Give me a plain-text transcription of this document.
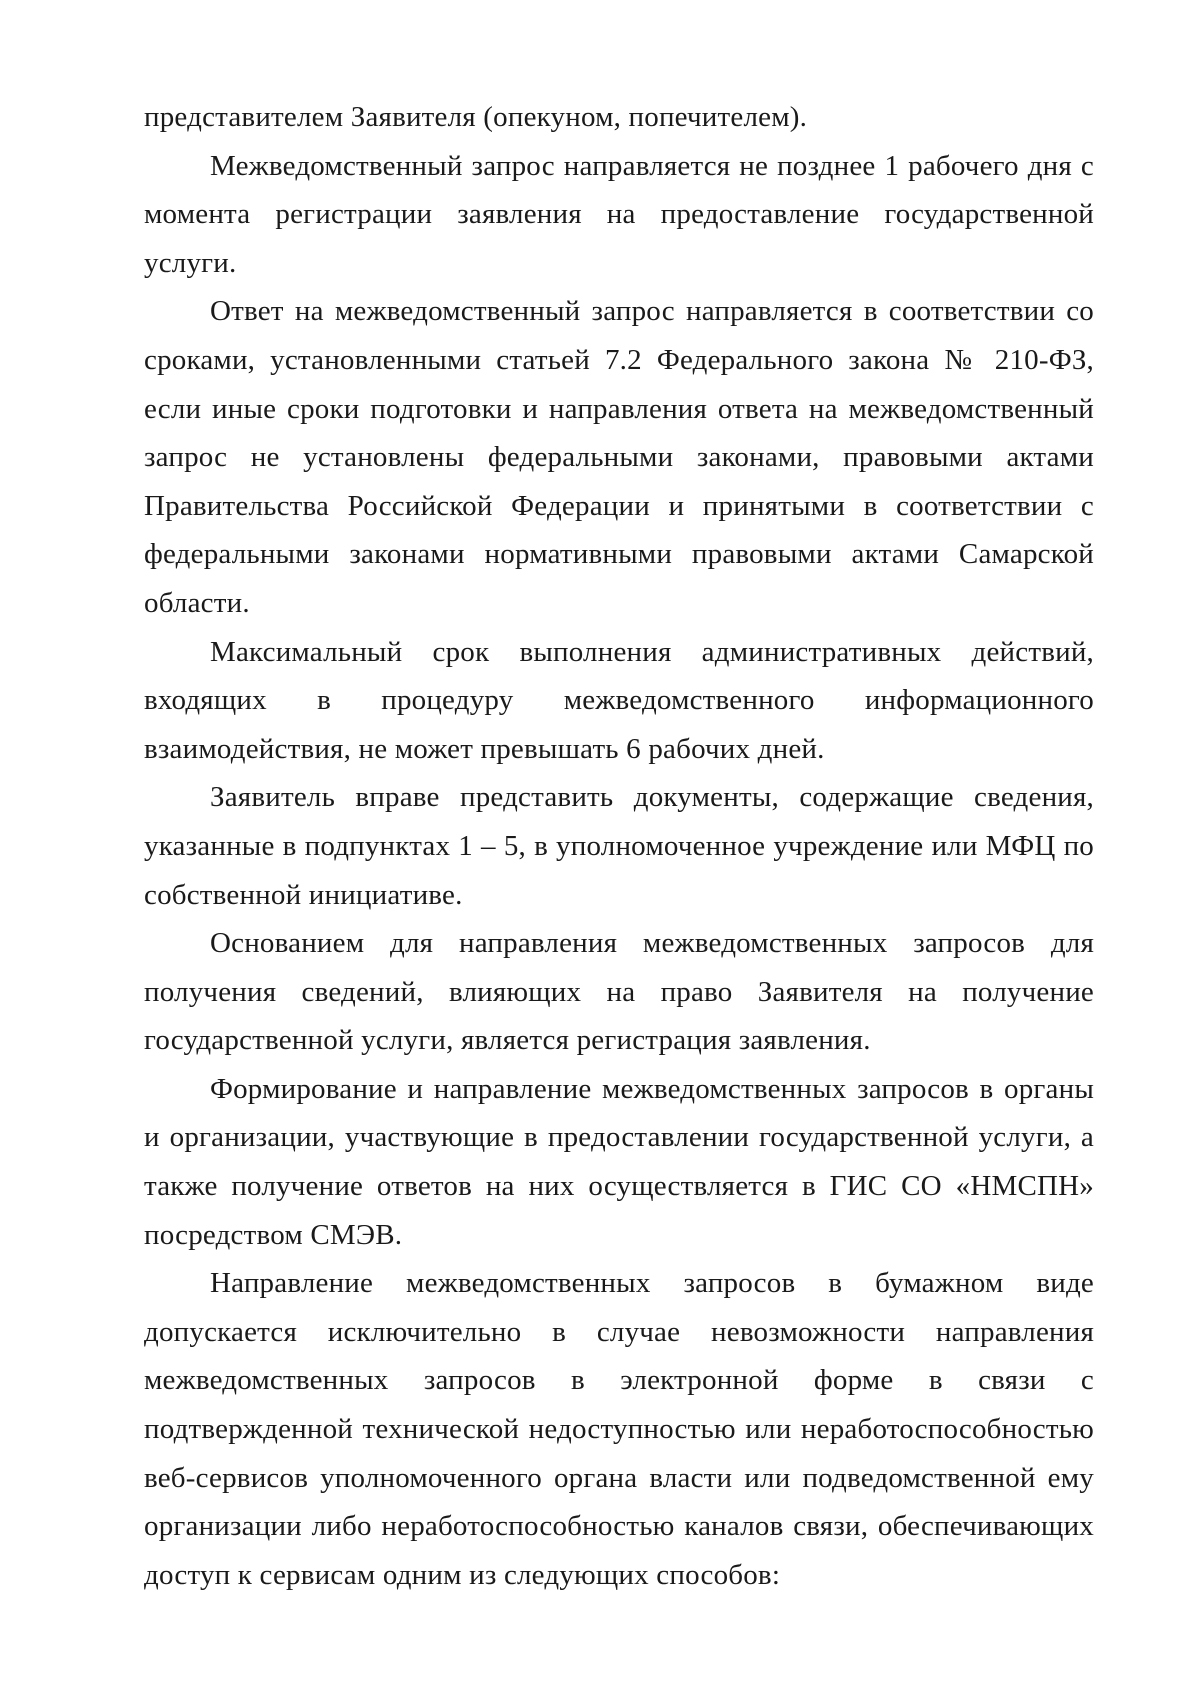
представителем Заявителя (опекуном, попечителем).

Межведомственный запрос направляется не позднее 1 рабочего дня с момента регистрации заявления на предоставление государственной услуги.

Ответ на межведомственный запрос направляется в соответствии со сроками, установленными статьей 7.2 Федерального закона № 210-ФЗ, если иные сроки подготовки и направления ответа на межведомственный запрос не установлены федеральными законами, правовыми актами Правительства Российской Федерации и принятыми в соответствии с федеральными законами нормативными правовыми актами Самарской области.

Максимальный срок выполнения административных действий, входящих в процедуру межведомственного информационного взаимодействия, не может превышать 6 рабочих дней.

Заявитель вправе представить документы, содержащие сведения, указанные в подпунктах 1 – 5, в уполномоченное учреждение или МФЦ по собственной инициативе.

Основанием для направления межведомственных запросов для получения сведений, влияющих на право Заявителя на получение государственной услуги, является регистрация заявления.

Формирование и направление межведомственных запросов в органы и организации, участвующие в предоставлении государственной услуги, а также получение ответов на них осуществляется в ГИС СО «НМСПН» посредством СМЭВ.

Направление межведомственных запросов в бумажном виде допускается исключительно в случае невозможности направления межведомственных запросов в электронной форме в связи с подтвержденной технической недоступностью или неработоспособностью веб-сервисов уполномоченного органа власти или подведомственной ему организации либо неработоспособностью каналов связи, обеспечивающих доступ к сервисам одним из следующих способов:
